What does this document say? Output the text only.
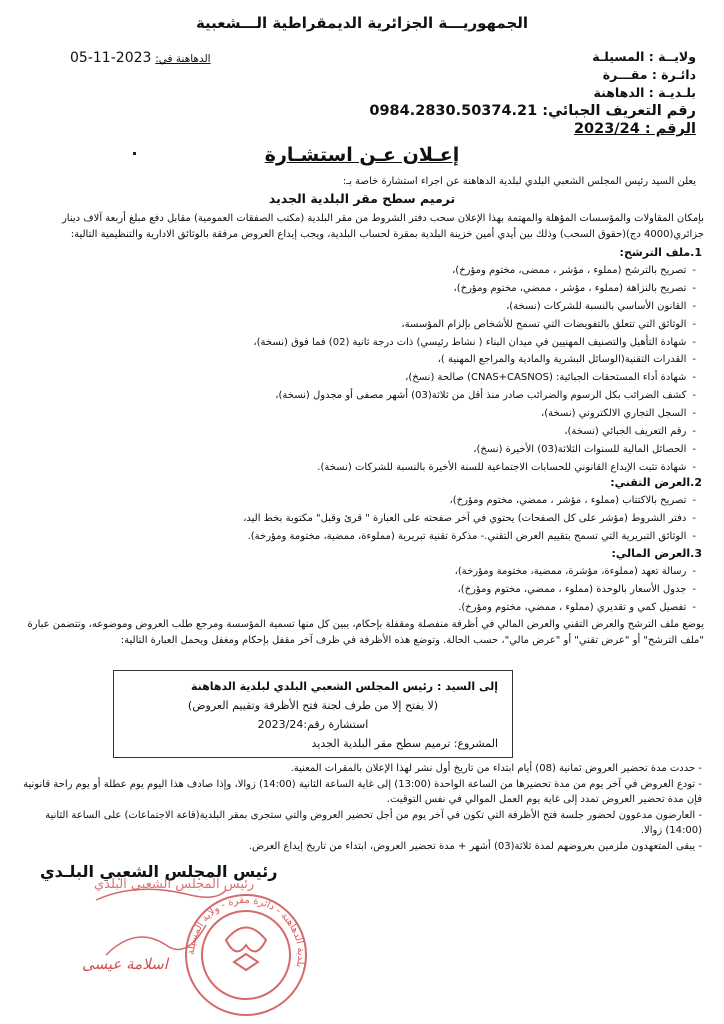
الجمهوريـــة الجزائرية الديمقراطية الـــشعبية
ولايــة : المسيلـة
دائـرة : مقـــرة
بلـديـة : الدهاهنة
رقم التعريف الجبائي: 0984.2830.50374.21
الرقم : 2023/24
الدهاهنة في: 2023-11-05
إعـلان عـن استشـارة
يعلن السيد رئيس المجلس الشعبي البلدي لبلدية الدهاهنة عن اجراء استشارة خاصة بـ:
ترميم سطح مقر البلدية الجديد
بإمكان المقاولات والمؤسسات المؤهلة والمهتمة بهذا الإعلان سحب دفتر الشروط من مقر البلدية (مكتب الصفقات العمومية) مقابل دفع مبلغ أربعة آلاف دينار جزائري(4000 دج)(حقوق السحب) وذلك بين أيدي أمين خزينة البلدية بمقرة لحساب البلدية، ويجب إيداع العروض مرفقة بالوثائق الادارية والتنظيمية التالية:
1.ملف الترشح:
- تصريح بالترشح (مملوء ، مؤشر ، ممضى، مختوم ومؤرخ)،
- تصريح بالنزاهة (مملوء ، مؤشر ، ممضي، مختوم ومؤرخ)،
- القانون الأساسي بالنسبة للشركات (نسخة)،
- الوثائق التي تتعلق بالتفويضات التي تسمح للأشخاص بإلزام المؤسسة،
- شهادة التأهيل والتصنيف المهنيين في ميدان البناء ( نشاط رئيسي) ذات درجة ثانية (02) فما فوق (نسخة)،
- القدرات التقنية(الوسائل البشرية والمادية والمراجع المهنية )،
- شهادة أداء المستحقات الجبائية: (CNAS+CASNOS) صالحة (نسخ)،
- كشف الضرائب بكل الرسوم والضرائب صادر منذ أقل من ثلاثة(03) أشهر مصفى أو مجدول (نسخة)،
- السجل التجاري الالكتروني (نسخة)،
- رقم التعريف الجبائي (نسخة)،
- الحصائل المالية للسنوات الثلاثة(03) الأخيرة (نسخ)،
- شهادة تثبت الإيداع القانوني للحسابات الاجتماعية للسنة الأخيرة بالنسبة للشركات (نسخة).
2.العرض التقني:
- تصريح بالاكتتاب (مملوء ، مؤشر ، ممضي، مختوم ومؤرخ)،
- دفتر الشروط (مؤشر على كل الصفحات) يحتوي في آخر صفحته على العبارة " قرئ وقبل" مكتوبة بخط اليد،
- الوثائق التبريرية التي تسمح بتقييم العرض التقني.- مذكرة تقنية تبريرية (مملوءة، ممضية، مختومة ومؤرخة).
3.العرض المالي:
- رسالة تعهد (مملوءة، مؤشرة، ممضية، مختومة ومؤرخة)،
- جدول الأسعار بالوحدة (مملوء ، ممضي، مختوم ومؤرخ)،
- تفصيل كمي و تقديري (مملوء ، ممضي، مختوم ومؤرخ).
يوضع ملف الترشح والعرض التقني والعرض المالي في أظرفة منفصلة ومقفلة بإحكام، يبين كل منها تسمية المؤسسة ومرجع طلب العروض وموضوعه، وتتضمن عبارة "ملف الترشح" أو "عرض تقني" أو "عرض مالي"، حسب الحالة. وتوضع هذه الأظرفة في ظرف آخر مقفل بإحكام ومغفل ويحمل العبارة التالية:
إلى السيد : رئيس المجلس الشعبي البلدي لبلدية الدهاهنة
(لا يفتح إلا من طرف لجنة فتح الأظرفة وتقييم العروض)
استشارة رقم:2023/24
المشروع: ترميم سطح مقر البلدية الجديد
- حددت مدة تحضير العروض ثمانية (08) أيام ابتداء من تاريخ أول نشر لهذا الإعلان بالمقرات المعنية.
- تودع العروض في آخر يوم من مدة تحضيرها من الساعة الواحدة (13:00) إلى غاية الساعة الثانية (14:00) زوالا، وإذا صادف هذا اليوم يوم عطلة أو يوم راحة قانونية فإن مدة تحضير العروض تمدد إلى غاية يوم العمل الموالي في نفس التوقيت.
- العارضون مدعوون لحضور جلسة فتح الأظرفة التي تكون في آخر يوم من أجل تحضير العروض والتي ستجرى بمقر البلدية(قاعة الاجتماعات) على الساعة الثانية (14:00) زوالا.
- يبقى المتعهدون ملزمين بعروضهم لمدة ثلاثة(03) أشهر + مدة تحضير العروض، ابتداء من تاريخ إيداع العرض.
رئيس المجلس الشعبي البلـدي
بلدية الدهاهنة - دائرة مقرة - ولاية المسيلة
رئيس المجلس الشعبي البلدي
اسلامة عيسى
